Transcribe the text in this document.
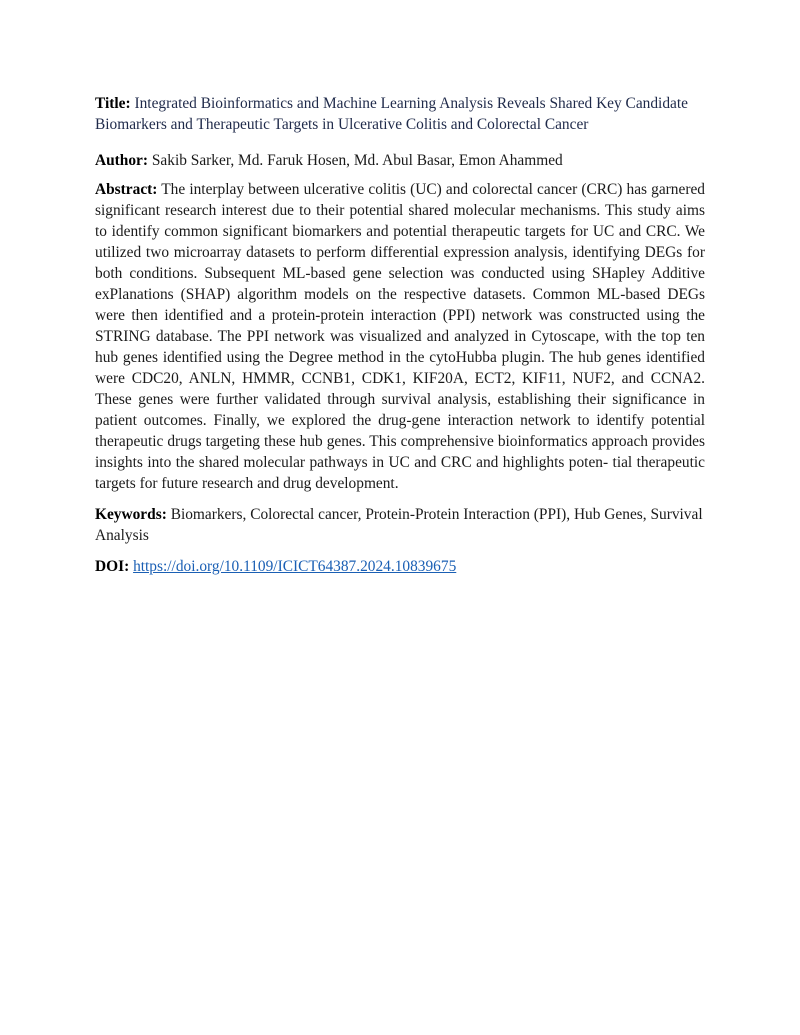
Title: Integrated Bioinformatics and Machine Learning Analysis Reveals Shared Key Candidate Biomarkers and Therapeutic Targets in Ulcerative Colitis and Colorectal Cancer

Author: Sakib Sarker, Md. Faruk Hosen, Md. Abul Basar, Emon Ahammed

Abstract: The interplay between ulcerative colitis (UC) and colorectal cancer (CRC) has garnered significant research interest due to their potential shared molecular mechanisms. This study aims to identify common significant biomarkers and potential therapeutic targets for UC and CRC. We utilized two microarray datasets to perform differential expression analysis, identifying DEGs for both conditions. Subsequent ML-based gene selection was conducted using SHapley Additive exPlanations (SHAP) algorithm models on the respective datasets. Common ML-based DEGs were then identified and a protein-protein interaction (PPI) network was constructed using the STRING database. The PPI network was visualized and analyzed in Cytoscape, with the top ten hub genes identified using the Degree method in the cytoHubba plugin. The hub genes identified were CDC20, ANLN, HMMR, CCNB1, CDK1, KIF20A, ECT2, KIF11, NUF2, and CCNA2. These genes were further validated through survival analysis, establishing their significance in patient outcomes. Finally, we explored the drug-gene interaction network to identify potential therapeutic drugs targeting these hub genes. This comprehensive bioinformatics approach provides insights into the shared molecular pathways in UC and CRC and highlights poten- tial therapeutic targets for future research and drug development.

Keywords: Biomarkers, Colorectal cancer, Protein-Protein Interaction (PPI), Hub Genes, Survival Analysis

DOI: https://doi.org/10.1109/ICICT64387.2024.10839675
